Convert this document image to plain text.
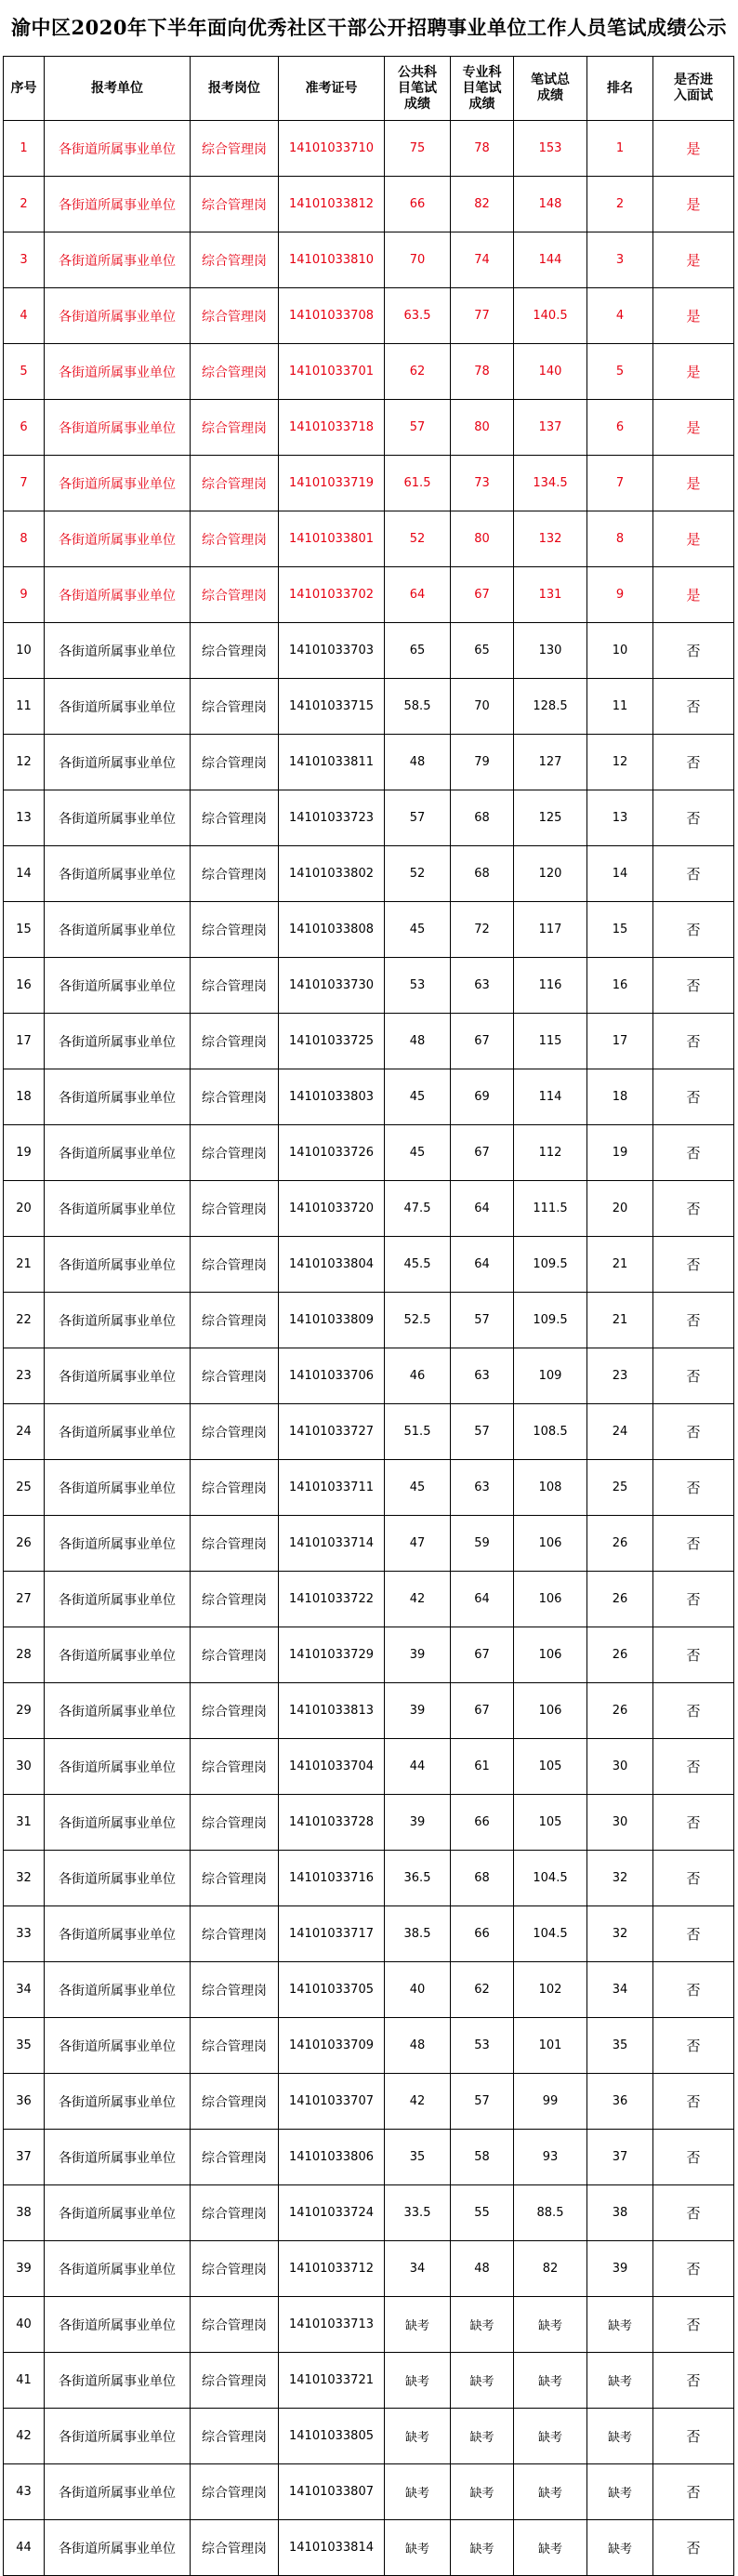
渝中区2020年下半年面向优秀社区干部公开招聘事业单位工作人员笔试成绩公示
序号	报考单位	报考岗位	准考证号	公共科目笔试成绩	专业科目笔试成绩	笔试总成绩	排名	是否进入面试
1	各街道所属事业单位	综合管理岗	14101033710	75	78	153	1	是
2	各街道所属事业单位	综合管理岗	14101033812	66	82	148	2	是
3	各街道所属事业单位	综合管理岗	14101033810	70	74	144	3	是
4	各街道所属事业单位	综合管理岗	14101033708	63.5	77	140.5	4	是
5	各街道所属事业单位	综合管理岗	14101033701	62	78	140	5	是
6	各街道所属事业单位	综合管理岗	14101033718	57	80	137	6	是
7	各街道所属事业单位	综合管理岗	14101033719	61.5	73	134.5	7	是
8	各街道所属事业单位	综合管理岗	14101033801	52	80	132	8	是
9	各街道所属事业单位	综合管理岗	14101033702	64	67	131	9	是
10	各街道所属事业单位	综合管理岗	14101033703	65	65	130	10	否
11	各街道所属事业单位	综合管理岗	14101033715	58.5	70	128.5	11	否
12	各街道所属事业单位	综合管理岗	14101033811	48	79	127	12	否
13	各街道所属事业单位	综合管理岗	14101033723	57	68	125	13	否
14	各街道所属事业单位	综合管理岗	14101033802	52	68	120	14	否
15	各街道所属事业单位	综合管理岗	14101033808	45	72	117	15	否
16	各街道所属事业单位	综合管理岗	14101033730	53	63	116	16	否
17	各街道所属事业单位	综合管理岗	14101033725	48	67	115	17	否
18	各街道所属事业单位	综合管理岗	14101033803	45	69	114	18	否
19	各街道所属事业单位	综合管理岗	14101033726	45	67	112	19	否
20	各街道所属事业单位	综合管理岗	14101033720	47.5	64	111.5	20	否
21	各街道所属事业单位	综合管理岗	14101033804	45.5	64	109.5	21	否
22	各街道所属事业单位	综合管理岗	14101033809	52.5	57	109.5	21	否
23	各街道所属事业单位	综合管理岗	14101033706	46	63	109	23	否
24	各街道所属事业单位	综合管理岗	14101033727	51.5	57	108.5	24	否
25	各街道所属事业单位	综合管理岗	14101033711	45	63	108	25	否
26	各街道所属事业单位	综合管理岗	14101033714	47	59	106	26	否
27	各街道所属事业单位	综合管理岗	14101033722	42	64	106	26	否
28	各街道所属事业单位	综合管理岗	14101033729	39	67	106	26	否
29	各街道所属事业单位	综合管理岗	14101033813	39	67	106	26	否
30	各街道所属事业单位	综合管理岗	14101033704	44	61	105	30	否
31	各街道所属事业单位	综合管理岗	14101033728	39	66	105	30	否
32	各街道所属事业单位	综合管理岗	14101033716	36.5	68	104.5	32	否
33	各街道所属事业单位	综合管理岗	14101033717	38.5	66	104.5	32	否
34	各街道所属事业单位	综合管理岗	14101033705	40	62	102	34	否
35	各街道所属事业单位	综合管理岗	14101033709	48	53	101	35	否
36	各街道所属事业单位	综合管理岗	14101033707	42	57	99	36	否
37	各街道所属事业单位	综合管理岗	14101033806	35	58	93	37	否
38	各街道所属事业单位	综合管理岗	14101033724	33.5	55	88.5	38	否
39	各街道所属事业单位	综合管理岗	14101033712	34	48	82	39	否
40	各街道所属事业单位	综合管理岗	14101033713	缺考	缺考	缺考	缺考	否
41	各街道所属事业单位	综合管理岗	14101033721	缺考	缺考	缺考	缺考	否
42	各街道所属事业单位	综合管理岗	14101033805	缺考	缺考	缺考	缺考	否
43	各街道所属事业单位	综合管理岗	14101033807	缺考	缺考	缺考	缺考	否
44	各街道所属事业单位	综合管理岗	14101033814	缺考	缺考	缺考	缺考	否
